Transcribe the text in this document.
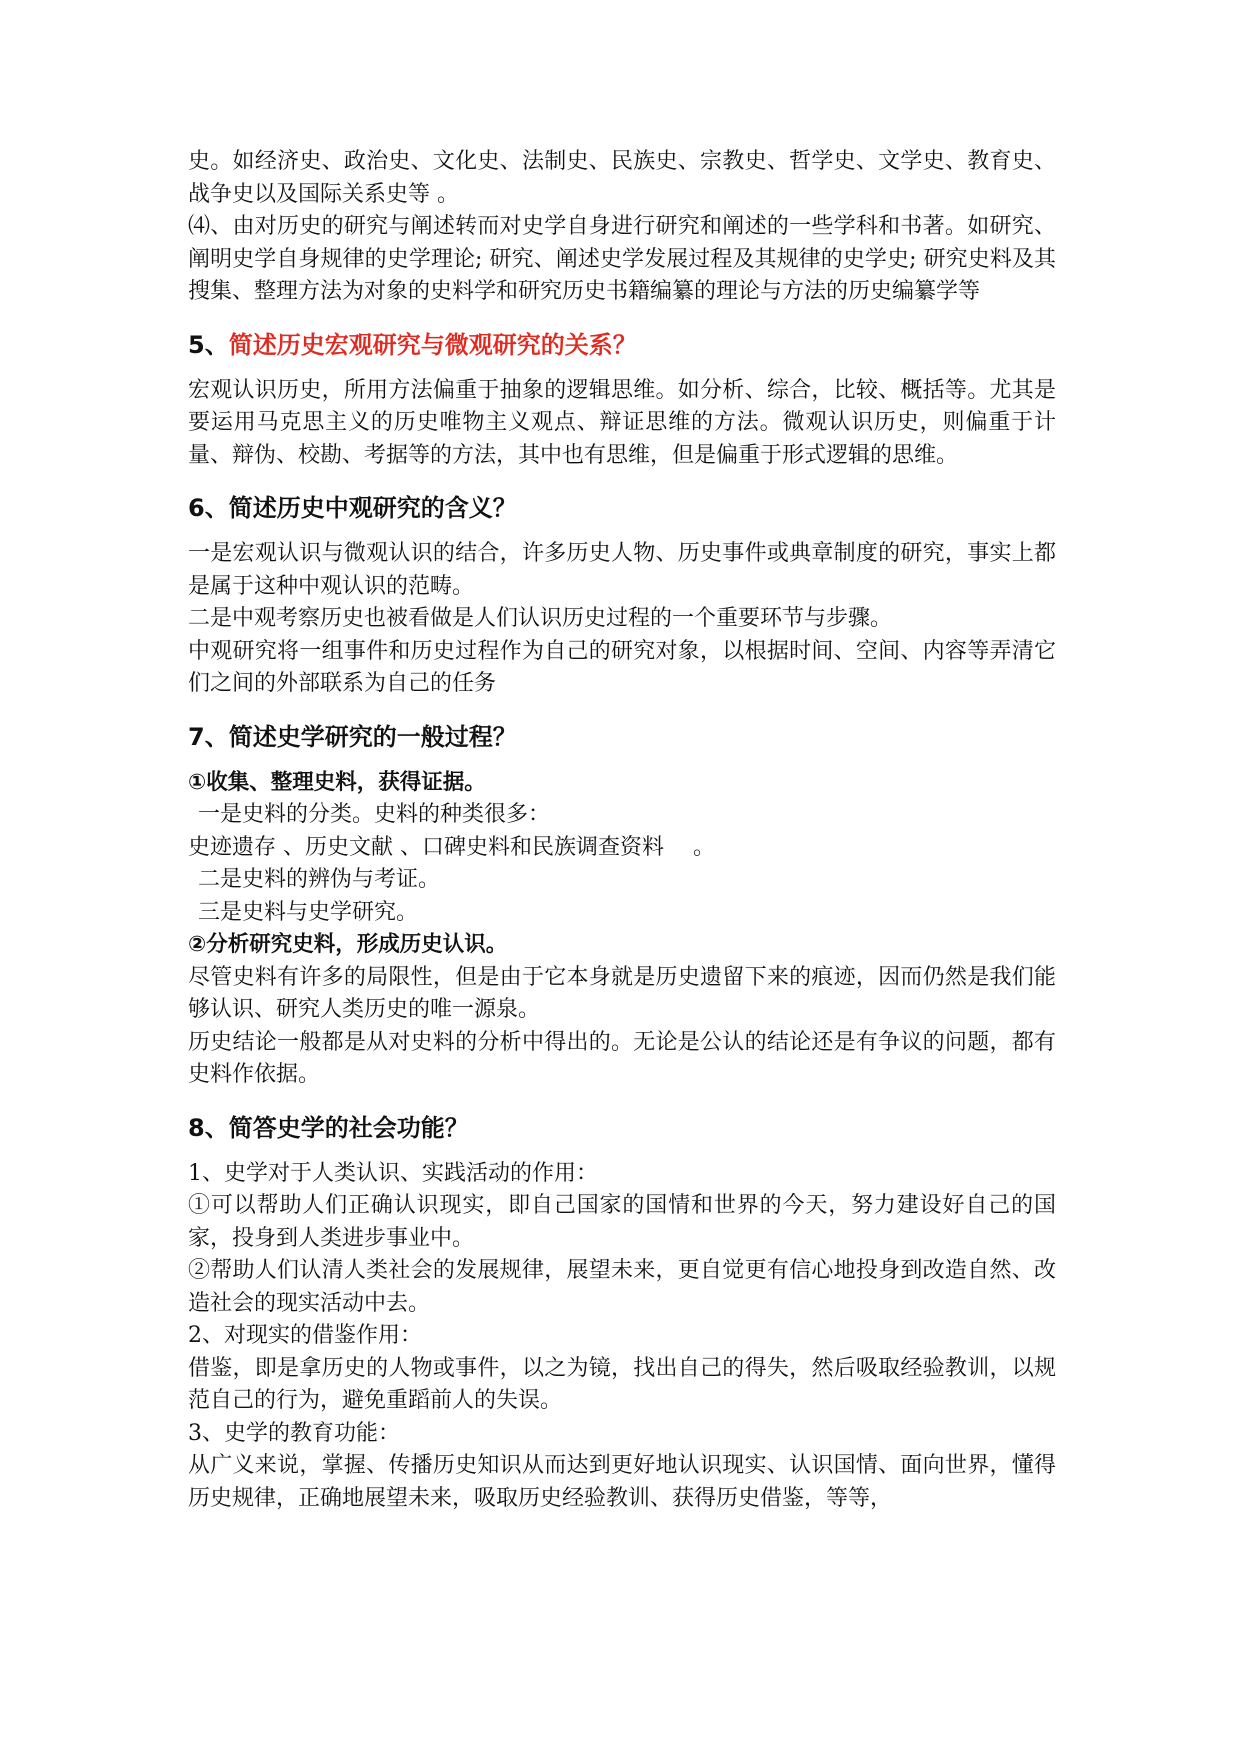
史。如经济史、政治史、文化史、法制史、民族史、宗教史、哲学史、文学史、教育史、战争史以及国际关系史等 。

⑷、由对历史的研究与阐述转而对史学自身进行研究和阐述的一些学科和书著。如研究、阐明史学自身规律的史学理论; 研究、阐述史学发展过程及其规律的史学史; 研究史料及其搜集、整理方法为对象的史料学和研究历史书籍编纂的理论与方法的历史编纂学等

5、简述历史宏观研究与微观研究的关系？

宏观认识历史，所用方法偏重于抽象的逻辑思维。如分析、综合，比较、概括等。尤其是要运用马克思主义的历史唯物主义观点、辩证思维的方法。微观认识历史，则偏重于计量、辩伪、校勘、考据等的方法，其中也有思维，但是偏重于形式逻辑的思维。

6、简述历史中观研究的含义？

一是宏观认识与微观认识的结合，许多历史人物、历史事件或典章制度的研究，事实上都是属于这种中观认识的范畴。

二是中观考察历史也被看做是人们认识历史过程的一个重要环节与步骤。

中观研究将一组事件和历史过程作为自己的研究对象，以根据时间、空间、内容等弄清它们之间的外部联系为自己的任务

7、简述史学研究的一般过程？

①收集、整理史料，获得证据。

一是史料的分类。史料的种类很多：

史迹遗存 、历史文献 、口碑史料和民族调查资料　 。

二是史料的辨伪与考证。

三是史料与史学研究。

②分析研究史料，形成历史认识。

尽管史料有许多的局限性，但是由于它本身就是历史遗留下来的痕迹，因而仍然是我们能够认识、研究人类历史的唯一源泉。

历史结论一般都是从对史料的分析中得出的。无论是公认的结论还是有争议的问题，都有史料作依据。

8、简答史学的社会功能？

1、史学对于人类认识、实践活动的作用：

①可以帮助人们正确认识现实，即自己国家的国情和世界的今天，努力建设好自己的国家，投身到人类进步事业中。

②帮助人们认清人类社会的发展规律，展望未来，更自觉更有信心地投身到改造自然、改造社会的现实活动中去。

2、对现实的借鉴作用：

借鉴，即是拿历史的人物或事件，以之为镜，找出自己的得失，然后吸取经验教训，以规范自己的行为，避免重蹈前人的失误。

3、史学的教育功能：

从广义来说，掌握、传播历史知识从而达到更好地认识现实、认识国情、面向世界，懂得历史规律，正确地展望未来，吸取历史经验教训、获得历史借鉴，等等，
